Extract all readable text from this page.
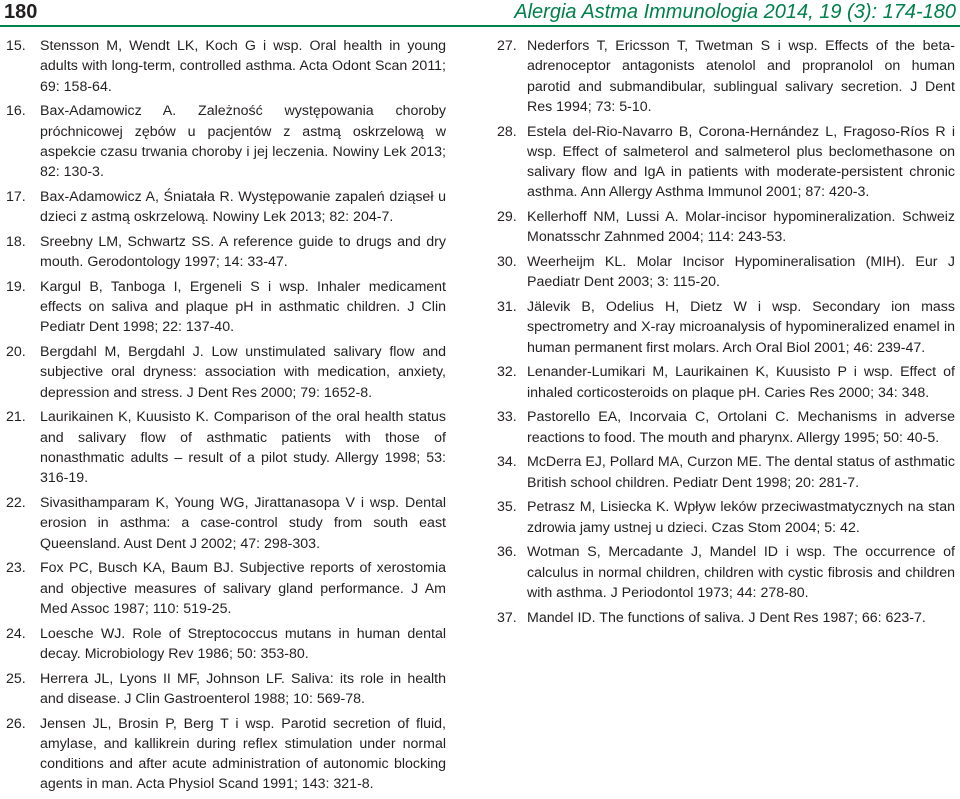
180	Alergia Astma Immunologia 2014, 19 (3): 174-180
15.	Stensson M, Wendt LK, Koch G i wsp. Oral health in young adults with long-term, controlled asthma. Acta Odont Scan 2011; 69: 158-64.
16.	Bax-Adamowicz A. Zależność występowania choroby próchnicowej zębów u pacjentów z astmą oskrzelową w aspekcie czasu trwania choroby i jej leczenia. Nowiny Lek 2013; 82: 130-3.
17.	Bax-Adamowicz A, Śniatała R. Występowanie zapaleń dziąseł u dzieci z astmą oskrzelową. Nowiny Lek 2013; 82: 204-7.
18.	Sreebny LM, Schwartz SS. A reference guide to drugs and dry mouth. Gerodontology 1997; 14: 33-47.
19.	Kargul B, Tanboga I, Ergeneli S i wsp. Inhaler medicament effects on saliva and plaque pH in asthmatic children. J Clin Pediatr Dent 1998; 22: 137-40.
20.	Bergdahl M, Bergdahl J. Low unstimulated salivary flow and subjective oral dryness: association with medication, anxiety, depression and stress. J Dent Res 2000; 79: 1652-8.
21.	Laurikainen K, Kuusisto K. Comparison of the oral health status and salivary flow of asthmatic patients with those of nonasthmatic adults – result of a pilot study. Allergy 1998; 53: 316-19.
22.	Sivasithamparam K, Young WG, Jirattanasopa V i wsp. Dental erosion in asthma: a case-control study from south east Queensland. Aust Dent J 2002; 47: 298-303.
23.	Fox PC, Busch KA, Baum BJ. Subjective reports of xerostomia and objective measures of salivary gland performance. J Am Med Assoc 1987; 110: 519-25.
24.	Loesche WJ. Role of Streptococcus mutans in human dental decay. Microbiology Rev 1986; 50: 353-80.
25.	Herrera JL, Lyons II MF, Johnson LF. Saliva: its role in health and disease. J Clin Gastroenterol 1988; 10: 569-78.
26.	Jensen JL, Brosin P, Berg T i wsp. Parotid secretion of fluid, amylase, and kallikrein during reflex stimulation under normal conditions and after acute administration of autonomic blocking agents in man. Acta Physiol Scand 1991; 143: 321-8.
27. Nederfors T, Ericsson T, Twetman S i wsp. Effects of the beta-adrenoceptor antagonists atenolol and propranolol on human parotid and submandibular, sublingual salivary secretion. J Dent Res 1994; 73: 5-10.
28. Estela del-Rio-Navarro B, Corona-Hernández L, Fragoso-Ríos R i wsp. Effect of salmeterol and salmeterol plus beclomethasone on salivary flow and IgA in patients with moderate-persistent chronic asthma. Ann Allergy Asthma Immunol 2001; 87: 420-3.
29. Kellerhoff NM, Lussi A. Molar-incisor hypomineralization. Schweiz Monatsschr Zahnmed 2004; 114: 243-53.
30. Weerheijm KL. Molar Incisor Hypomineralisation (MIH). Eur J Paediatr Dent 2003; 3: 115-20.
31. Jälevik B, Odelius H, Dietz W i wsp. Secondary ion mass spectrometry and X-ray microanalysis of hypomineralized enamel in human permanent first molars. Arch Oral Biol 2001; 46: 239-47.
32. Lenander-Lumikari M, Laurikainen K, Kuusisto P i wsp. Effect of inhaled corticosteroids on plaque pH. Caries Res 2000; 34: 348.
33. Pastorello EA, Incorvaia C, Ortolani C. Mechanisms in adverse reactions to food. The mouth and pharynx. Allergy 1995; 50: 40-5.
34. McDerra EJ, Pollard MA, Curzon ME. The dental status of asthmatic British school children. Pediatr Dent 1998; 20: 281-7.
35. Petrasz M, Lisiecka K. Wpływ leków przeciwastmatycznych na stan zdrowia jamy ustnej u dzieci. Czas Stom 2004; 5: 42.
36. Wotman S, Mercadante J, Mandel ID i wsp. The occurrence of calculus in normal children, children with cystic fibrosis and children with asthma. J Periodontol 1973; 44: 278-80.
37. Mandel ID. The functions of saliva. J Dent Res 1987; 66: 623-7.
